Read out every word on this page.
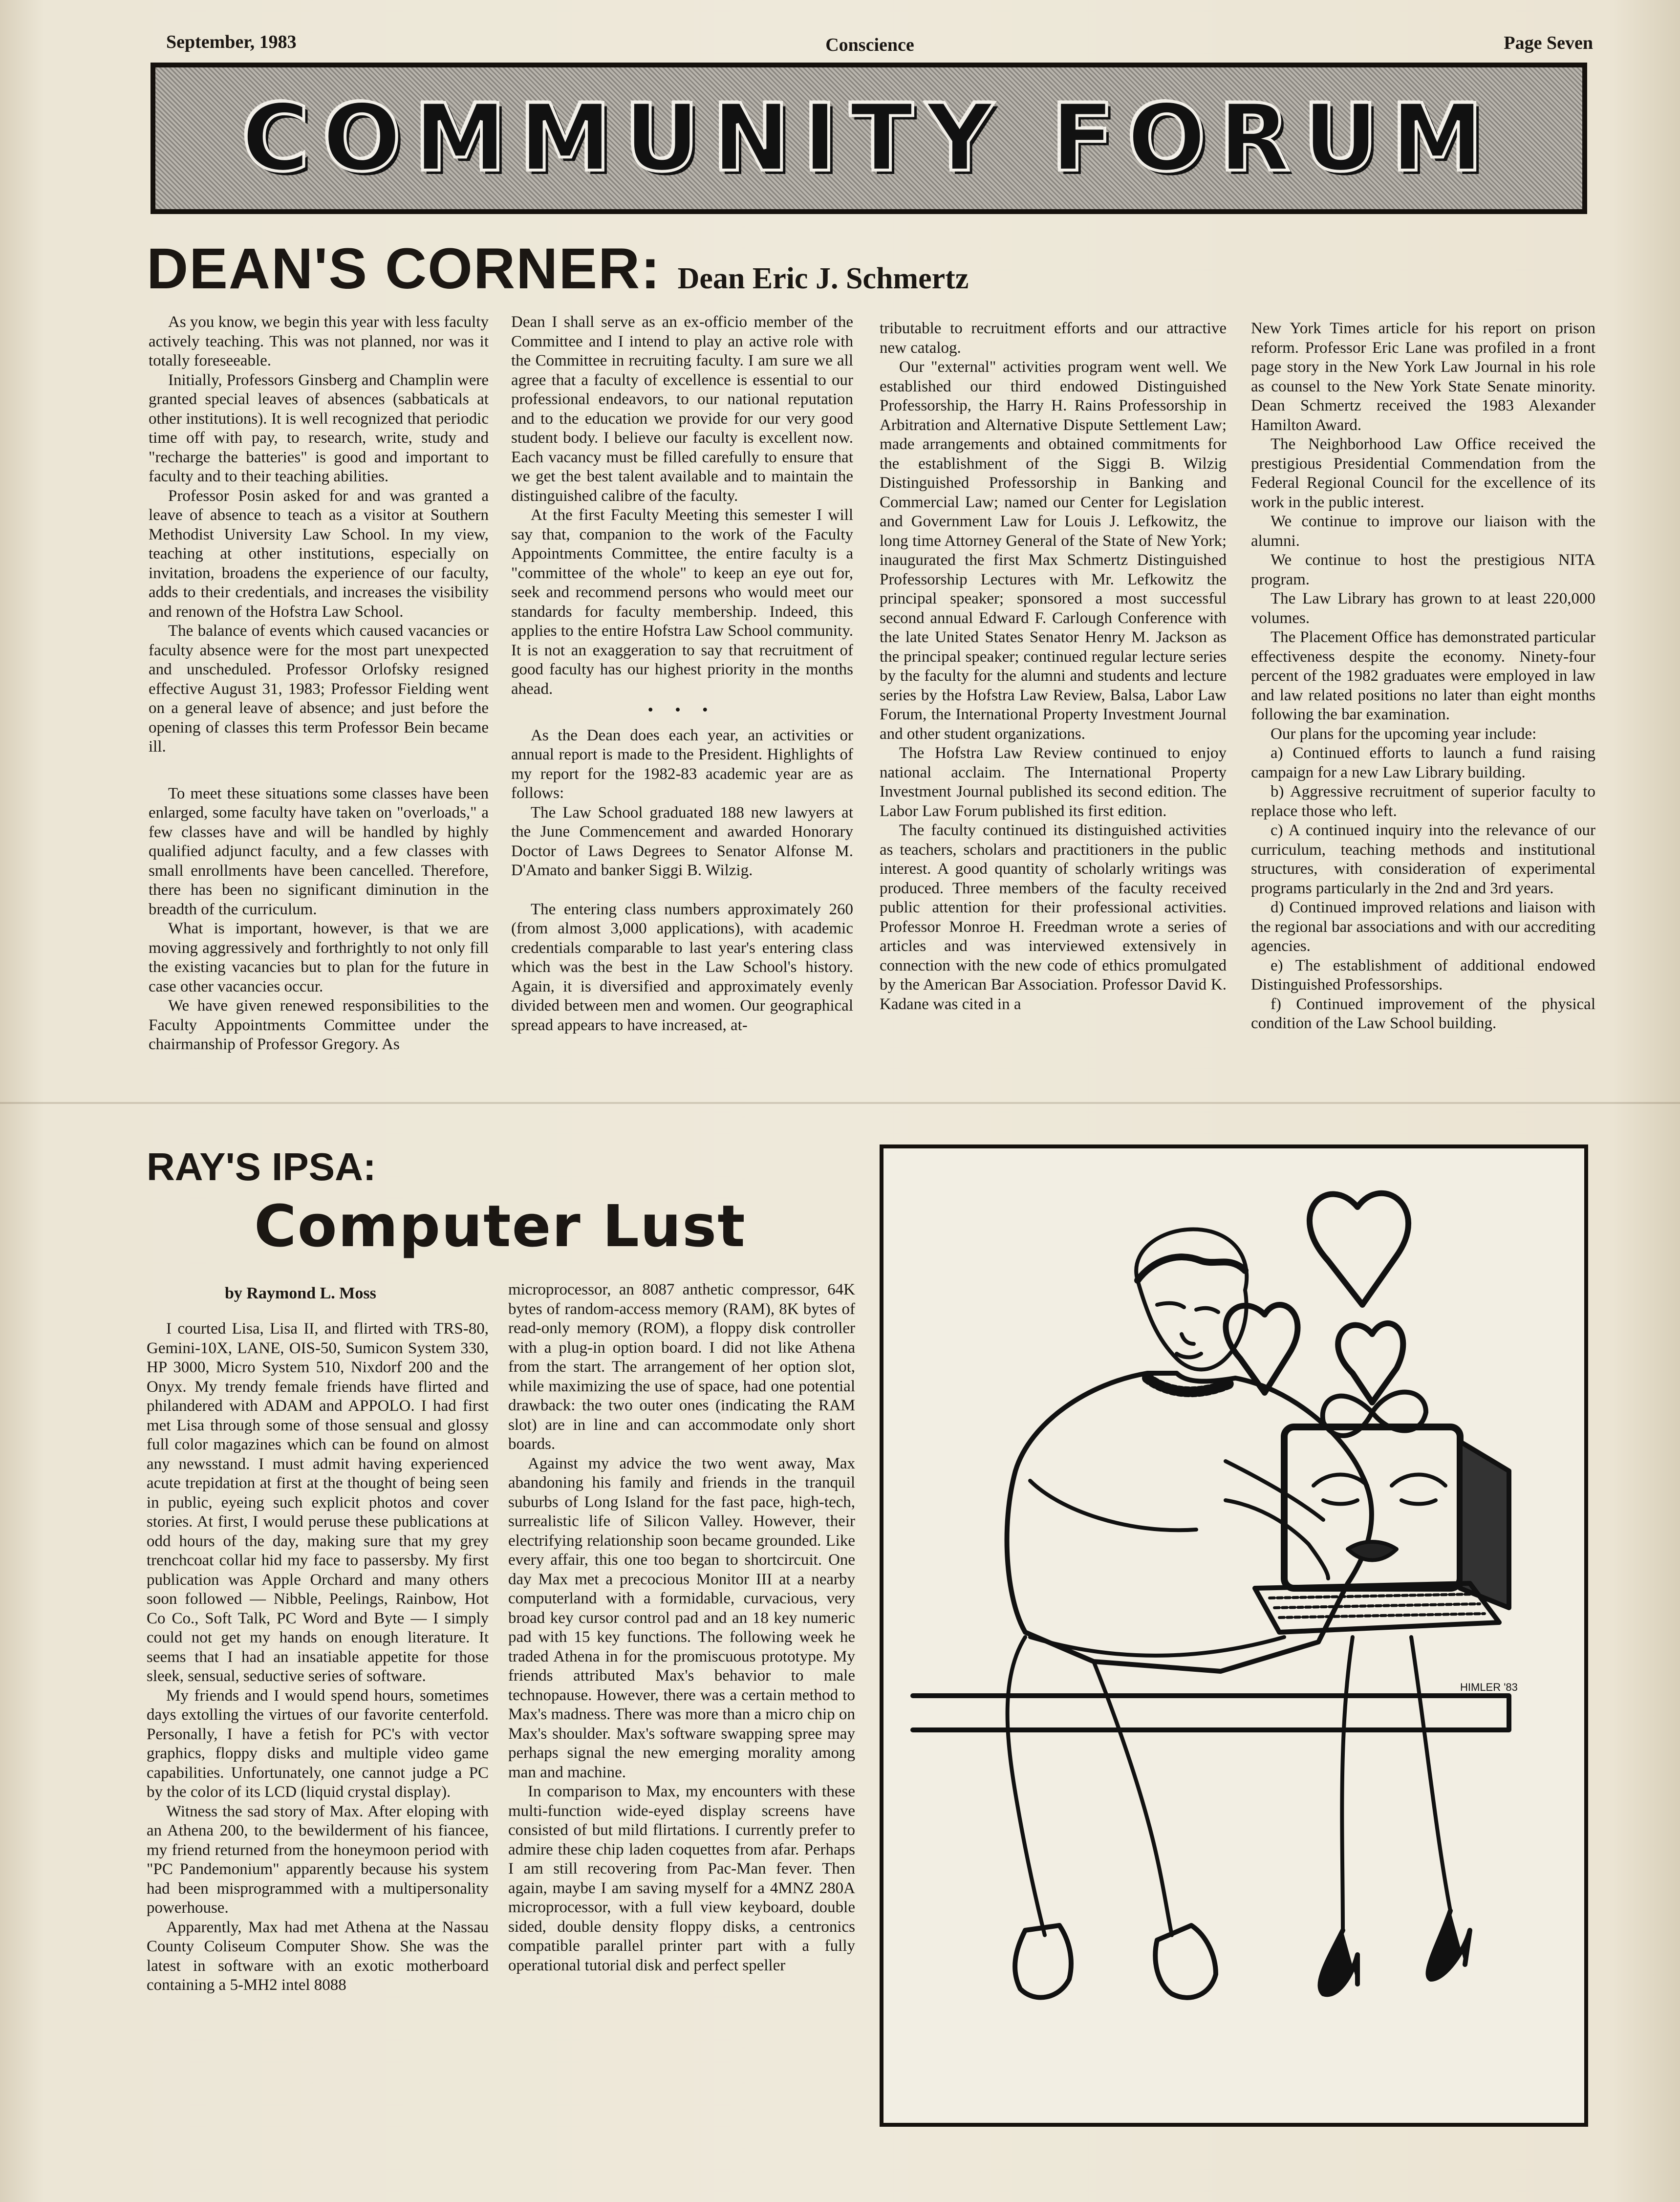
September, 1983	Conscience	Page Seven
COMMUNITY FORUM
DEAN'S CORNER: Dean Eric J. Schmertz

As you know, we begin this year with less faculty actively teaching. This was not planned, nor was it totally foreseeable.

Initially, Professors Ginsberg and Champlin were granted special leaves of absences (sabbaticals at other institutions). It is well recognized that periodic time off with pay, to research, write, study and "recharge the batteries" is good and important to faculty and to their teaching abilities.

Professor Posin asked for and was granted a leave of absence to teach as a visitor at Southern Methodist University Law School. In my view, teaching at other institutions, especially on invitation, broadens the experience of our faculty, adds to their credentials, and increases the visibility and renown of the Hofstra Law School.

The balance of events which caused vacancies or faculty absence were for the most part unexpected and unscheduled. Professor Orlofsky resigned effective August 31, 1983; Professor Fielding went on a general leave of absence; and just before the opening of classes this term Professor Bein became ill.

To meet these situations some classes have been enlarged, some faculty have taken on "overloads," a few classes have and will be handled by highly qualified adjunct faculty, and a few classes with small enrollments have been cancelled. Therefore, there has been no significant diminution in the breadth of the curriculum.

What is important, however, is that we are moving aggressively and forthrightly to not only fill the existing vacancies but to plan for the future in case other vacancies occur.

We have given renewed responsibilities to the Faculty Appointments Committee under the chairmanship of Professor Gregory. As

Dean I shall serve as an ex-officio member of the Committee and I intend to play an active role with the Committee in recruiting faculty. I am sure we all agree that a faculty of excellence is essential to our professional endeavors, to our national reputation and to the education we provide for our very good student body. I believe our faculty is excellent now. Each vacancy must be filled carefully to ensure that we get the best talent available and to maintain the distinguished calibre of the faculty.

At the first Faculty Meeting this semester I will say that, companion to the work of the Faculty Appointments Committee, the entire faculty is a "committee of the whole" to keep an eye out for, seek and recommend persons who would meet our standards for faculty membership. Indeed, this applies to the entire Hofstra Law School community. It is not an exaggeration to say that recruitment of good faculty has our highest priority in the months ahead.

• • •

As the Dean does each year, an activities or annual report is made to the President. Highlights of my report for the 1982-83 academic year are as follows:

The Law School graduated 188 new lawyers at the June Commencement and awarded Honorary Doctor of Laws Degrees to Senator Alfonse M. D'Amato and banker Siggi B. Wilzig.

The entering class numbers approximately 260 (from almost 3,000 applications), with academic credentials comparable to last year's entering class which was the best in the Law School's history. Again, it is diversified and approximately evenly divided between men and women. Our geographical spread appears to have increased, at-

tributable to recruitment efforts and our attractive new catalog.

Our "external" activities program went well. We established our third endowed Distinguished Professorship, the Harry H. Rains Professorship in Arbitration and Alternative Dispute Settlement Law; made arrangements and obtained commitments for the establishment of the Siggi B. Wilzig Distinguished Professorship in Banking and Commercial Law; named our Center for Legislation and Government Law for Louis J. Lefkowitz, the long time Attorney General of the State of New York; inaugurated the first Max Schmertz Distinguished Professorship Lectures with Mr. Lefkowitz the principal speaker; sponsored a most successful second annual Edward F. Carlough Conference with the late United States Senator Henry M. Jackson as the principal speaker; continued regular lecture series by the faculty for the alumni and students and lecture series by the Hofstra Law Review, Balsa, Labor Law Forum, the International Property Investment Journal and other student organizations.

The Hofstra Law Review continued to enjoy national acclaim. The International Property Investment Journal published its second edition. The Labor Law Forum published its first edition.

The faculty continued its distinguished activities as teachers, scholars and practitioners in the public interest. A good quantity of scholarly writings was produced. Three members of the faculty received public attention for their professional activities. Professor Monroe H. Freedman wrote a series of articles and was interviewed extensively in connection with the new code of ethics promulgated by the American Bar Association. Professor David K. Kadane was cited in a

New York Times article for his report on prison reform. Professor Eric Lane was profiled in a front page story in the New York Law Journal in his role as counsel to the New York State Senate minority. Dean Schmertz received the 1983 Alexander Hamilton Award.

The Neighborhood Law Office received the prestigious Presidential Commendation from the Federal Regional Council for the excellence of its work in the public interest.

We continue to improve our liaison with the alumni.

We continue to host the prestigious NITA program.

The Law Library has grown to at least 220,000 volumes.

The Placement Office has demonstrated particular effectiveness despite the economy. Ninety-four percent of the 1982 graduates were employed in law and law related positions no later than eight months following the bar examination.

Our plans for the upcoming year include:

a) Continued efforts to launch a fund raising campaign for a new Law Library building.

b) Aggressive recruitment of superior faculty to replace those who left.

c) A continued inquiry into the relevance of our curriculum, teaching methods and institutional structures, with consideration of experimental programs particularly in the 2nd and 3rd years.

d) Continued improved relations and liaison with the regional bar associations and with our accrediting agencies.

e) The establishment of additional endowed Distinguished Professorships.

f) Continued improvement of the physical condition of the Law School building.

RAY'S IPSA:
Computer Lust
by Raymond L. Moss

I courted Lisa, Lisa II, and flirted with TRS-80, Gemini-10X, LANE, OIS-50, Sumicon System 330, HP 3000, Micro System 510, Nixdorf 200 and the Onyx. My trendy female friends have flirted and philandered with ADAM and APPOLO. I had first met Lisa through some of those sensual and glossy full color magazines which can be found on almost any newsstand. I must admit having experienced acute trepidation at first at the thought of being seen in public, eyeing such explicit photos and cover stories. At first, I would peruse these publications at odd hours of the day, making sure that my grey trenchcoat collar hid my face to passersby. My first publication was Apple Orchard and many others soon followed — Nibble, Peelings, Rainbow, Hot Co Co., Soft Talk, PC Word and Byte — I simply could not get my hands on enough literature. It seems that I had an insatiable appetite for those sleek, sensual, seductive series of software.

My friends and I would spend hours, sometimes days extolling the virtues of our favorite centerfold. Personally, I have a fetish for PC's with vector graphics, floppy disks and multiple video game capabilities. Unfortunately, one cannot judge a PC by the color of its LCD (liquid crystal display).

Witness the sad story of Max. After eloping with an Athena 200, to the bewilderment of his fiancee, my friend returned from the honeymoon period with "PC Pandemonium" apparently because his system had been misprogrammed with a multipersonality powerhouse.

Apparently, Max had met Athena at the Nassau County Coliseum Computer Show. She was the latest in software with an exotic motherboard containing a 5-MH2 intel 8088

microprocessor, an 8087 anthetic compressor, 64K bytes of random-access memory (RAM), 8K bytes of read-only memory (ROM), a floppy disk controller with a plug-in option board. I did not like Athena from the start. The arrangement of her option slot, while maximizing the use of space, had one potential drawback: the two outer ones (indicating the RAM slot) are in line and can accommodate only short boards.

Against my advice the two went away, Max abandoning his family and friends in the tranquil suburbs of Long Island for the fast pace, high-tech, surrealistic life of Silicon Valley. However, their electrifying relationship soon became grounded. Like every affair, this one too began to shortcircuit. One day Max met a precocious Monitor III at a nearby computerland with a formidable, curvacious, very broad key cursor control pad and an 18 key numeric pad with 15 key functions. The following week he traded Athena in for the promiscuous prototype. My friends attributed Max's behavior to male technopause. However, there was a certain method to Max's madness. There was more than a micro chip on Max's shoulder. Max's software swapping spree may perhaps signal the new emerging morality among man and machine.

In comparison to Max, my encounters with these multi-function wide-eyed display screens have consisted of but mild flirtations. I currently prefer to admire these chip laden coquettes from afar. Perhaps I am still recovering from Pac-Man fever. Then again, maybe I am saving myself for a 4MNZ 280A microprocessor, with a full view keyboard, double sided, double density floppy disks, a centronics compatible parallel printer part with a fully operational tutorial disk and perfect speller

HIMLER '83
